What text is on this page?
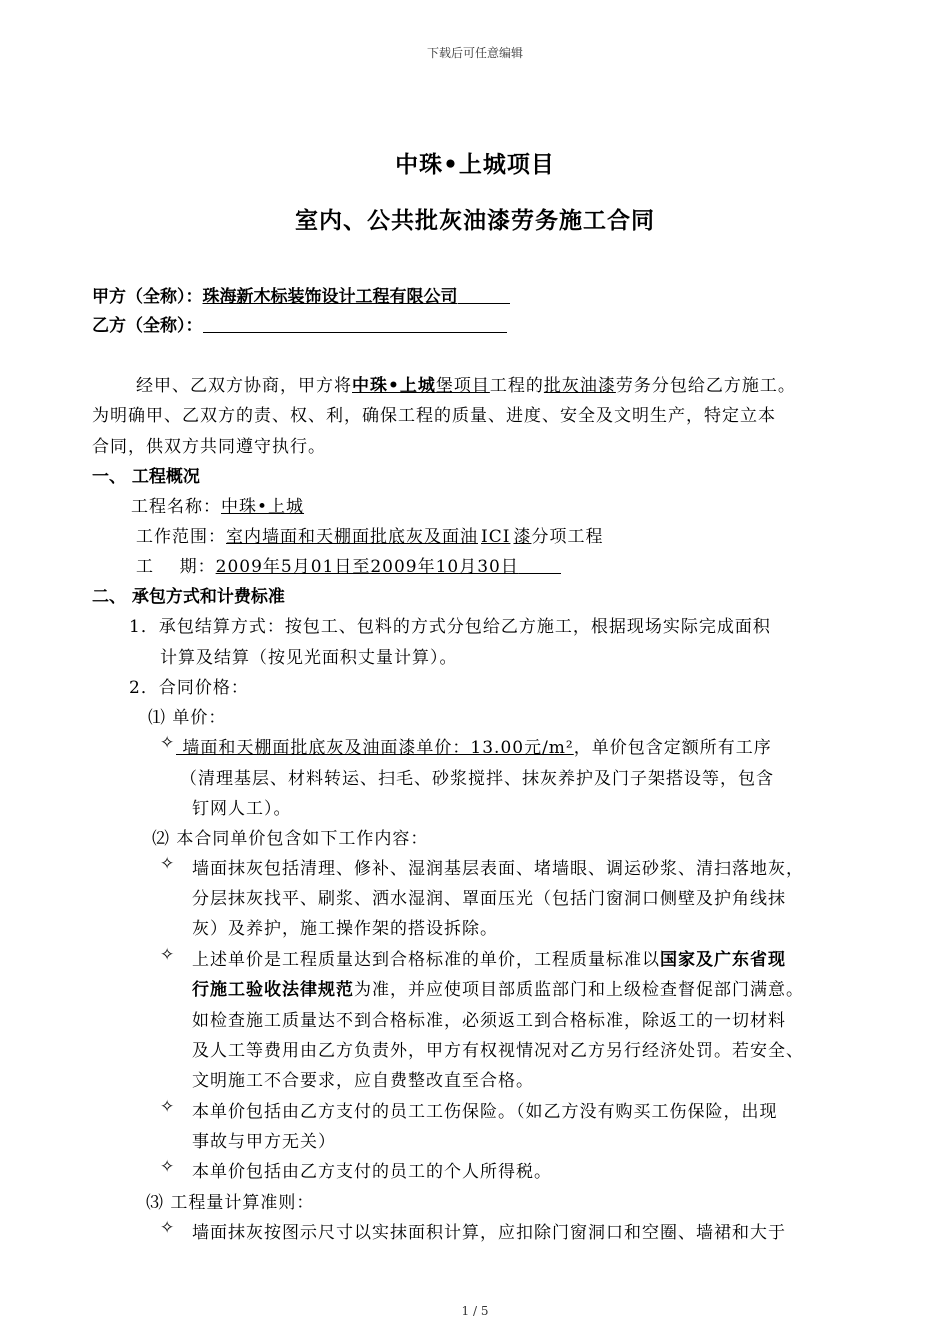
下载后可任意编辑
中珠•上城项目
室内、公共批灰油漆劳务施工合同
甲方（全称）：珠海新木标装饰设计工程有限公司
乙方（全称）：
经甲、乙双方协商，甲方将中珠•上城堡项目工程的批灰油漆劳务分包给乙方施工。
为明确甲、乙双方的责、权、利，确保工程的质量、进度、安全及文明生产，特定立本
合同，供双方共同遵守执行。
一、 工程概况
工程名称：中珠•上城
工作范围：室内墙面和天棚面批底灰及面油 ICI 漆分项工程
工    期：2009年5月01日至2009年10月30日
二、 承包方式和计费标准
1．承包结算方式：按包工、包料的方式分包给乙方施工，根据现场实际完成面积
计算及结算（按见光面积丈量计算）。
2．合同价格：
⑴ 单价：
✧ 墙面和天棚面批底灰及油面漆单价：13.00元/m²，单价包含定额所有工序
（清理基层、材料转运、扫毛、砂浆搅拌、抹灰养护及门子架搭设等，包含
钉网人工）。
⑵ 本合同单价包含如下工作内容：
✧ 墙面抹灰包括清理、修补、湿润基层表面、堵墙眼、调运砂浆、清扫落地灰，
分层抹灰找平、刷浆、洒水湿润、罩面压光（包括门窗洞口侧壁及护角线抹
灰）及养护，施工操作架的搭设拆除。
✧ 上述单价是工程质量达到合格标准的单价，工程质量标准以国家及广东省现
行施工验收法律规范为准，并应使项目部质监部门和上级检查督促部门满意。
如检查施工质量达不到合格标准，必须返工到合格标准，除返工的一切材料
及人工等费用由乙方负责外，甲方有权视情况对乙方另行经济处罚。若安全、
文明施工不合要求，应自费整改直至合格。
✧ 本单价包括由乙方支付的员工工伤保险。（如乙方没有购买工伤保险，出现
事故与甲方无关）
✧ 本单价包括由乙方支付的员工的个人所得税。
⑶ 工程量计算准则：
✧ 墙面抹灰按图示尺寸以实抹面积计算，应扣除门窗洞口和空圈、墙裙和大于
1 / 5
